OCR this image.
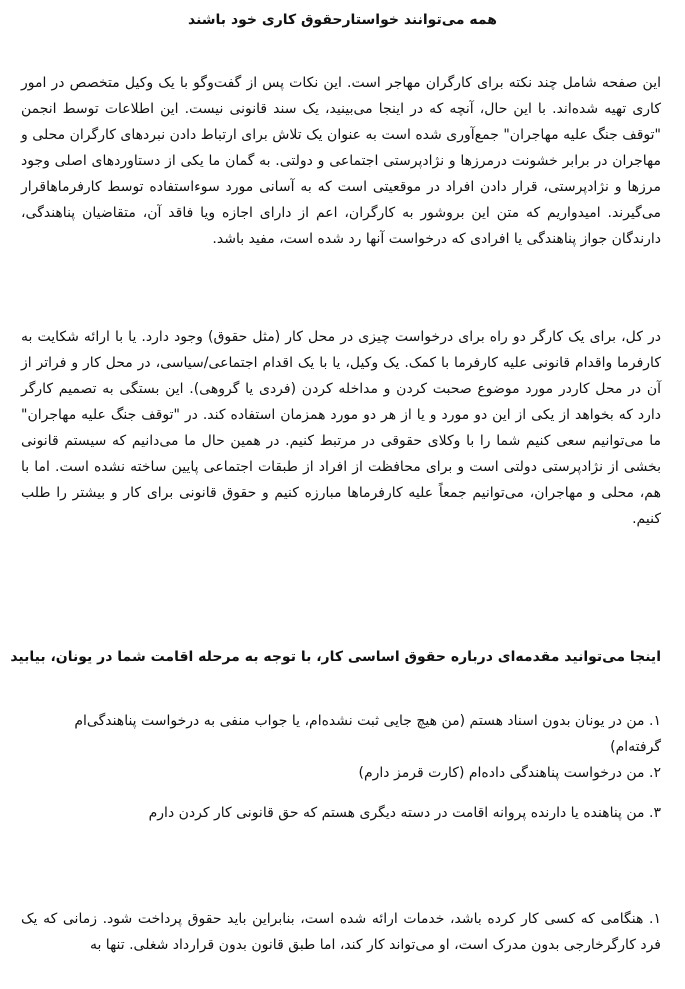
همه می‌توانند خواستارحقوق کاری خود باشند

این صفحه شامل چند نکته برای کارگران مهاجر است. این نکات پس از گفت‌وگو با یک وکیل متخصص در امور کاری تهیه شده‌اند. با این حال، آنچه که در اینجا می‌بینید، یک سند قانونی نیست. این اطلاعات توسط انجمن "توقف جنگ علیه مهاجران" جمع‌آوری شده است به عنوان یک تلاش برای ارتباط دادن نبردهای کارگران محلی و مهاجران در برابر خشونت درمرزها و نژادپرستی اجتماعی و دولتی. به گمان ما یکی از دستاوردهای اصلی وجود مرزها و نژادپرستی، قرار دادن افراد در موقعیتی است که به آسانی مورد سوءاستفاده توسط کارفرماهاقرار می‌گیرند. امیدواریم که متن این بروشور به کارگران، اعم از دارای اجازه ویا فاقد آن، متقاضیان پناهندگی، دارندگان جواز پناهندگی یا افرادی که درخواست آنها رد شده است، مفید باشد.

در کل، برای یک کارگر دو راه برای درخواست چیزی در محل کار (مثل حقوق) وجود دارد. یا با ارائه شکایت به کارفرما واقدام قانونی علیه کارفرما با کمک. یک وکیل، یا با یک اقدام اجتماعی/سیاسی، در محل کار و فراتر از آن در محل کاردر مورد موضوع صحبت کردن و مداخله کردن (فردی یا گروهی). این بستگی به تصمیم کارگر دارد که بخواهد از یکی از این دو مورد و یا از هر دو مورد همزمان استفاده کند. در "توقف جنگ علیه مهاجران" ما می‌توانیم سعی کنیم شما را با وکلای حقوقی در مرتبط کنیم. در همین حال ما می‌دانیم که سیستم قانونی بخشی از نژادپرستی دولتی است و برای محافظت از افراد از طبقات اجتماعی پایین ساخته نشده است. اما با هم، محلی و مهاجران، می‌توانیم جمعاً علیه کارفرماها مبارزه کنیم و حقوق قانونی برای کار و بیشتر را طلب کنیم.

اینجا می‌توانید مقدمه‌ای درباره حقوق اساسی کار، با توجه به مرحله اقامت شما در یونان، بیابید
۱. من در یونان بدون اسناد هستم (من هیچ جایی ثبت نشده‌ام، یا جواب منفی به درخواست پناهندگی‌ام گرفته‌ام)
۲. من درخواست پناهندگی داده‌ام (کارت قرمز دارم)
۳. من پناهنده یا دارنده پروانه اقامت در دسته دیگری هستم که حق قانونی کار کردن دارم
۱. هنگامی که کسی کار کرده باشد، خدمات ارائه شده است، بنابراین باید حقوق پرداخت شود. زمانی که یک فرد کارگرخارجی بدون مدرک است، او می‌تواند کار کند، اما طبق قانون بدون قرارداد شغلی. تنها به
